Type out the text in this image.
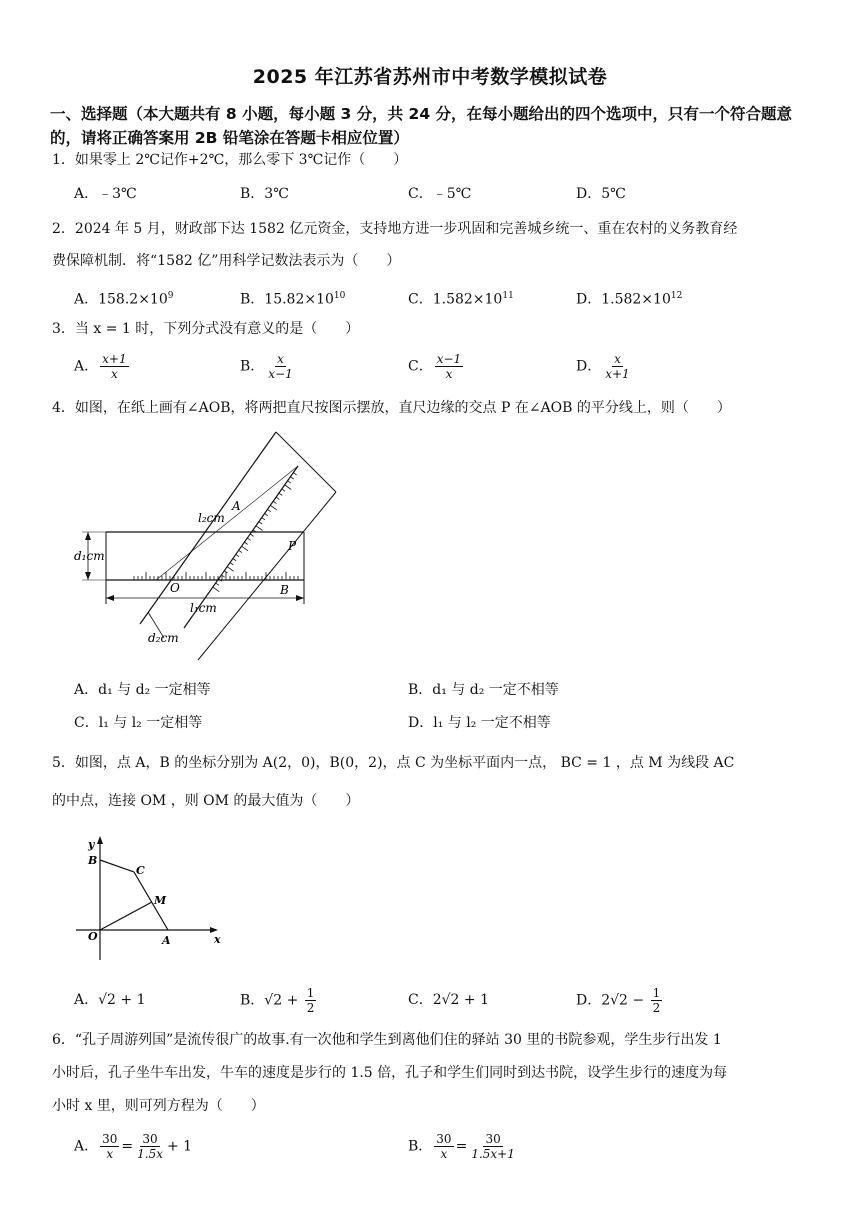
2025 年江苏省苏州市中考数学模拟试卷
一、选择题（本大题共有 8 小题，每小题 3 分，共 24 分，在每小题给出的四个选项中，只有一个符合题意的，请将正确答案用 2B 铅笔涂在答题卡相应位置）
1．如果零上 2℃记作+2℃，那么零下 3℃记作（　　）
A．﹣3℃	B．3℃	C．﹣5℃	D．5℃
2．2024 年 5 月，财政部下达 1582 亿元资金，支持地方进一步巩固和完善城乡统一、重在农村的义务教育经
费保障机制．将“1582 亿”用科学记数法表示为（　　）
A．$158.2\times 10^9$	B．$15.82\times 10^{10}$	C．$1.582\times 10^{11}$	D．$1.582\times 10^{12}$
3．当 x = 1 时，下列分式没有意义的是（　　）
A． $\frac{x+1}{x}$	B． $\frac{x}{x-1}$	C． $\frac{x-1}{x}$	D． $\frac{x}{x+1}$
4．如图，在纸上画有∠AOB，将两把直尺按图示摆放，直尺边缘的交点 P 在∠AOB 的平分线上，则（　　）
d₁cm
l₂cm
A
P
O	B
l₁cm
d₂cm
A．d₁ 与 d₂ 一定相等	B．d₁ 与 d₂ 一定不相等
C．l₁ 与 l₂ 一定相等	D．l₁ 与 l₂ 一定不相等
5．如图，点 A，B 的坐标分别为 A(2，0)，B(0，2)，点 C 为坐标平面内一点， BC = 1 ，点 M 为线段 AC
的中点，连接 OM ，则 OM 的最大值为（　　）
y
x
B
C
M
O	A
A．√2 + 1	B．$√2 + \frac{1}{2}$	C．2√2 + 1	D．$2√2 - \frac{1}{2}$
6．“孔子周游列国”是流传很广的故事.有一次他和学生到离他们住的驿站 30 里的书院参观，学生步行出发 1
小时后，孔子坐牛车出发，牛车的速度是步行的 1.5 倍，孔子和学生们同时到达书院，设学生步行的速度为每
小时 x 里，则可列方程为（　　）
A． $\frac{30}{x} = \frac{30}{1.5x} + 1$	B． $\frac{30}{x} = \frac{30}{1.5x+1}$
